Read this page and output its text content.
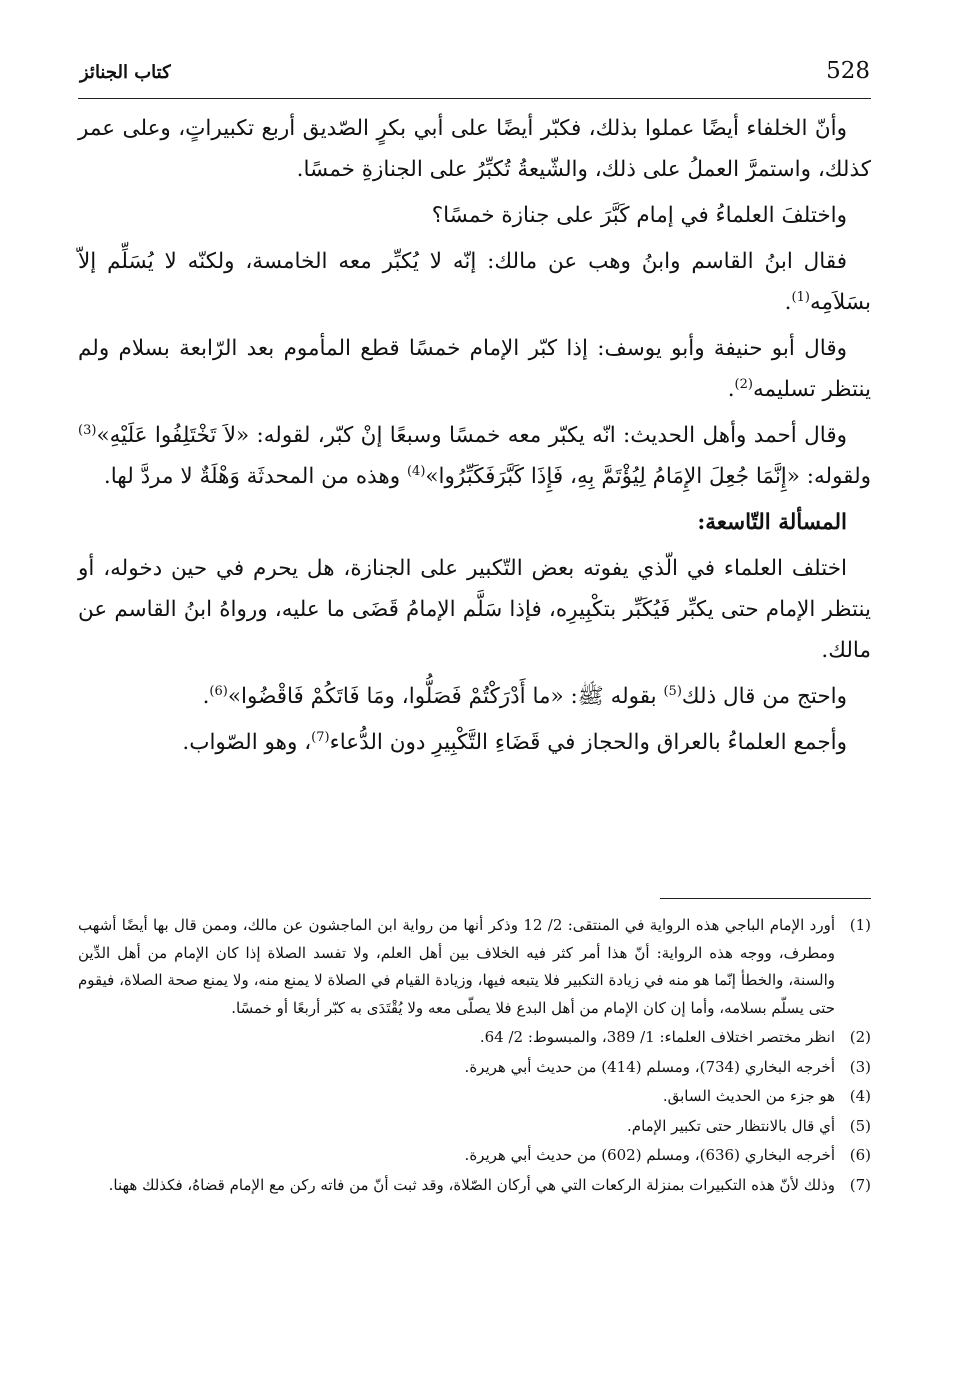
528
كتاب الجنائز

وأنّ الخلفاء أيضًا عملوا بذلك، فكبّر أيضًا على أبي بكرٍ الصّديق أربع تكبيراتٍ، وعلى عمر كذلك، واستمرَّ العملُ على ذلك، والشّيعةُ تُكبِّرُ على الجنازةِ خمسًا.

واختلفَ العلماءُ في إمام كَبَّرَ على جنازة خمسًا؟

فقال ابنُ القاسم وابنُ وهب عن مالك: إنّه لا يُكبِّر معه الخامسة، ولكنّه لا يُسَلِّم إلاّ بسَلاَمِه$^{(1)}$.

وقال أبو حنيفة وأبو يوسف: إذا كبّر الإمام خمسًا قطع المأموم بعد الرّابعة بسلام ولم ينتظر تسليمه$^{(2)}$.

وقال أحمد وأهل الحديث: انّه يكبّر معه خمسًا وسبعًا إنْ كبّر، لقوله: «لاَ تَخْتَلِفُوا عَلَيْهِ»$^{(3)}$ ولقوله: «إِنَّمَا جُعِلَ الإِمَامُ لِيُؤْتَمَّ بِهِ، فَإِذَا كَبَّرَفَكَبِّرُوا»$^{(4)}$ وهذه من المحدثَة وَهْلَةٌ لا مردَّ لها.

المسألة التّاسعة:

اختلف العلماء في الّذي يفوته بعض التّكبير على الجنازة، هل يحرم في حين دخوله، أو ينتظر الإمام حتى يكبِّر فَيُكَبِّر بتكْبِيرِه، فإذا سَلَّم الإمامُ قَضَى ما عليه، ورواهُ ابنُ القاسم عن مالك.

واحتج من قال ذلك$^{(5)}$ بقوله ﷺ: «ما أَدْرَكْتُمْ فَصَلُّوا، ومَا فَاتَكُمْ فَاقْضُوا»$^{(6)}$.

وأجمع العلماءُ بالعراق والحجاز في قَضَاءِ التَّكْبِيرِ دون الدُّعاء$^{(7)}$، وهو الصّواب.

(1)
أورد الإمام الباجي هذه الرواية في المنتقى: 2/ 12 وذكر أنها من رواية ابن الماجشون عن مالك، وممن قال بها أيضًا أشهب ومطرف، ووجه هذه الرواية: أنّ هذا أمر كثر فيه الخلاف بين أهل العلم، ولا تفسد الصلاة إذا كان الإمام من أهل الدِّين والسنة، والخطأ إنّما هو منه في زيادة التكبير فلا يتبعه فيها، وزيادة القيام في الصلاة لا يمنع منه، ولا يمنع صحة الصلاة، فيقوم حتى يسلّم بسلامه، وأما إن كان الإمام من أهل البدع فلا يصلّى معه ولا يُقْتَدَى به كبّر أربعًا أو خمسًا.
(2)
انظر مختصر اختلاف العلماء: 1/ 389، والمبسوط: 2/ 64.
(3)
أخرجه البخاري (734)، ومسلم (414) من حديث أبي هريرة.
(4)
هو جزء من الحديث السابق.
(5)
أي قال بالانتظار حتى تكبير الإمام.
(6)
أخرجه البخاري (636)، ومسلم (602) من حديث أبي هريرة.
(7)
وذلك لأنّ هذه التكبيرات بمنزلة الركعات التي هي أركان الصّلاة، وقد ثبت أنّ من فاته ركن مع الإمام قضاهُ، فكذلك ههنا.
